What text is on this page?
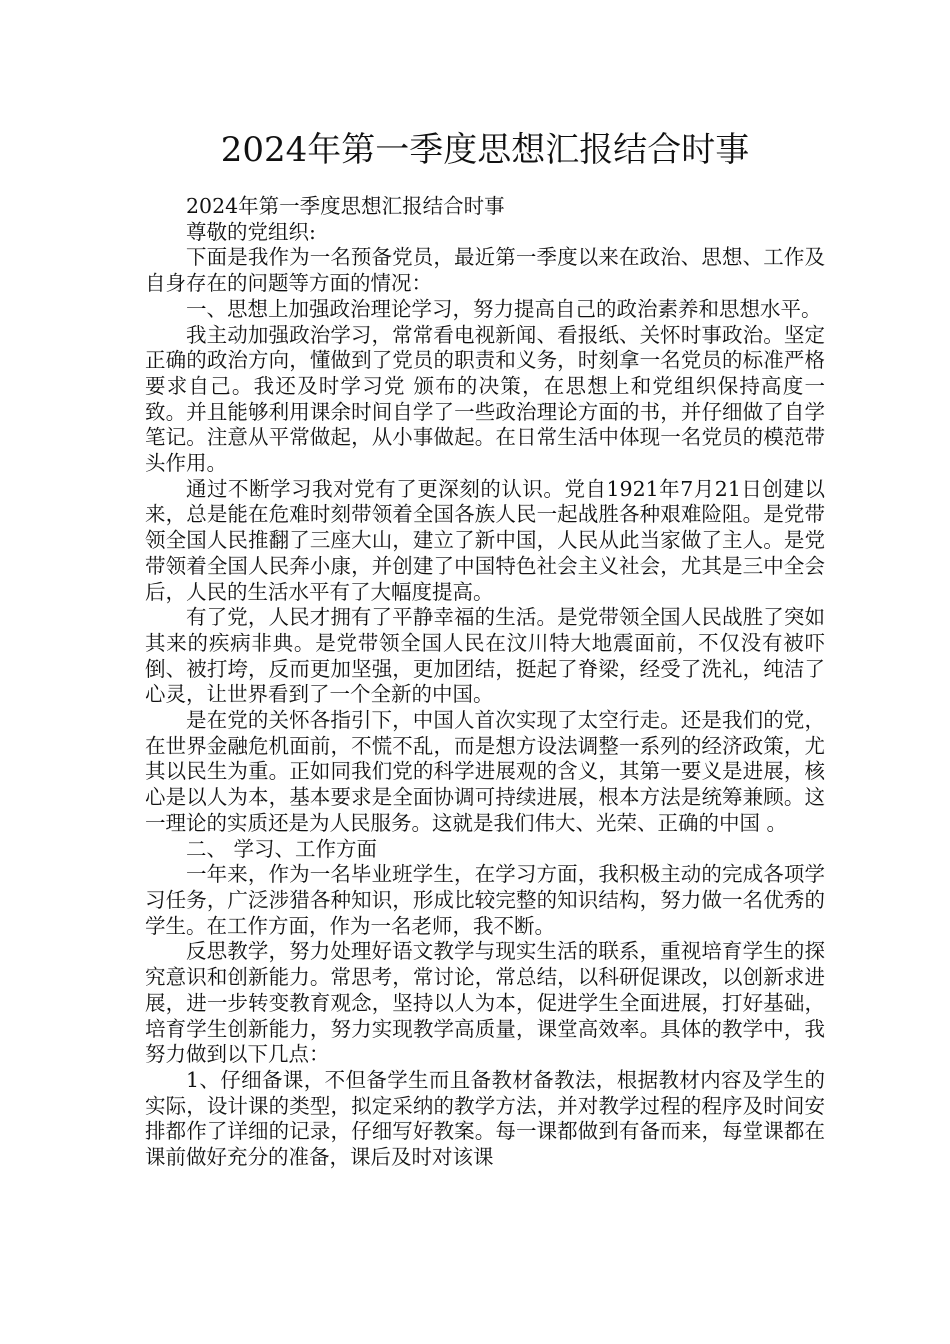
2024年第一季度思想汇报结合时事

2024年第一季度思想汇报结合时事

尊敬的党组织:

下面是我作为一名预备党员，最近第一季度以来在政治、思想、工作及自身存在的问题等方面的情况：

一、思想上加强政治理论学习，努力提高自己的政治素养和思想水平。

我主动加强政治学习，常常看电视新闻、看报纸、关怀时事政治。坚定正确的政治方向，懂做到了党员的职责和义务，时刻拿一名党员的标准严格要求自己。我还及时学习党 颁布的决策，在思想上和党组织保持高度一致。并且能够利用课余时间自学了一些政治理论方面的书，并仔细做了自学笔记。注意从平常做起，从小事做起。在日常生活中体现一名党员的模范带头作用。

通过不断学习我对党有了更深刻的认识。党自1921年7月21日创建以来，总是能在危难时刻带领着全国各族人民一起战胜各种艰难险阻。是党带领全国人民推翻了三座大山，建立了新中国，人民从此当家做了主人。是党带领着全国人民奔小康，并创建了中国特色社会主义社会，尤其是三中全会后，人民的生活水平有了大幅度提高。

有了党，人民才拥有了平静幸福的生活。是党带领全国人民战胜了突如其来的疾病非典。是党带领全国人民在汶川特大地震面前，不仅没有被吓倒、被打垮，反而更加坚强，更加团结，挺起了脊梁，经受了洗礼，纯洁了心灵，让世界看到了一个全新的中国。

是在党的关怀各指引下，中国人首次实现了太空行走。还是我们的党，在世界金融危机面前，不慌不乱，而是想方设法调整一系列的经济政策，尤其以民生为重。正如同我们党的科学进展观的含义，其第一要义是进展，核心是以人为本，基本要求是全面协调可持续进展，根本方法是统筹兼顾。这一理论的实质还是为人民服务。这就是我们伟大、光荣、正确的中国 。

二、 学习、工作方面

一年来，作为一名毕业班学生，在学习方面，我积极主动的完成各项学习任务，广泛涉猎各种知识，形成比较完整的知识结构，努力做一名优秀的学生。在工作方面，作为一名老师，我不断。

反思教学，努力处理好语文教学与现实生活的联系，重视培育学生的探究意识和创新能力。常思考，常讨论，常总结，以科研促课改，以创新求进展，进一步转变教育观念，坚持以人为本，促进学生全面进展，打好基础，培育学生创新能力，努力实现教学高质量，课堂高效率。具体的教学中，我努力做到以下几点：

1、仔细备课，不但备学生而且备教材备教法，根据教材内容及学生的实际，设计课的类型，拟定采纳的教学方法，并对教学过程的程序及时间安排都作了详细的记录，仔细写好教案。每一课都做到有备而来，每堂课都在课前做好充分的准备，课后及时对该课
